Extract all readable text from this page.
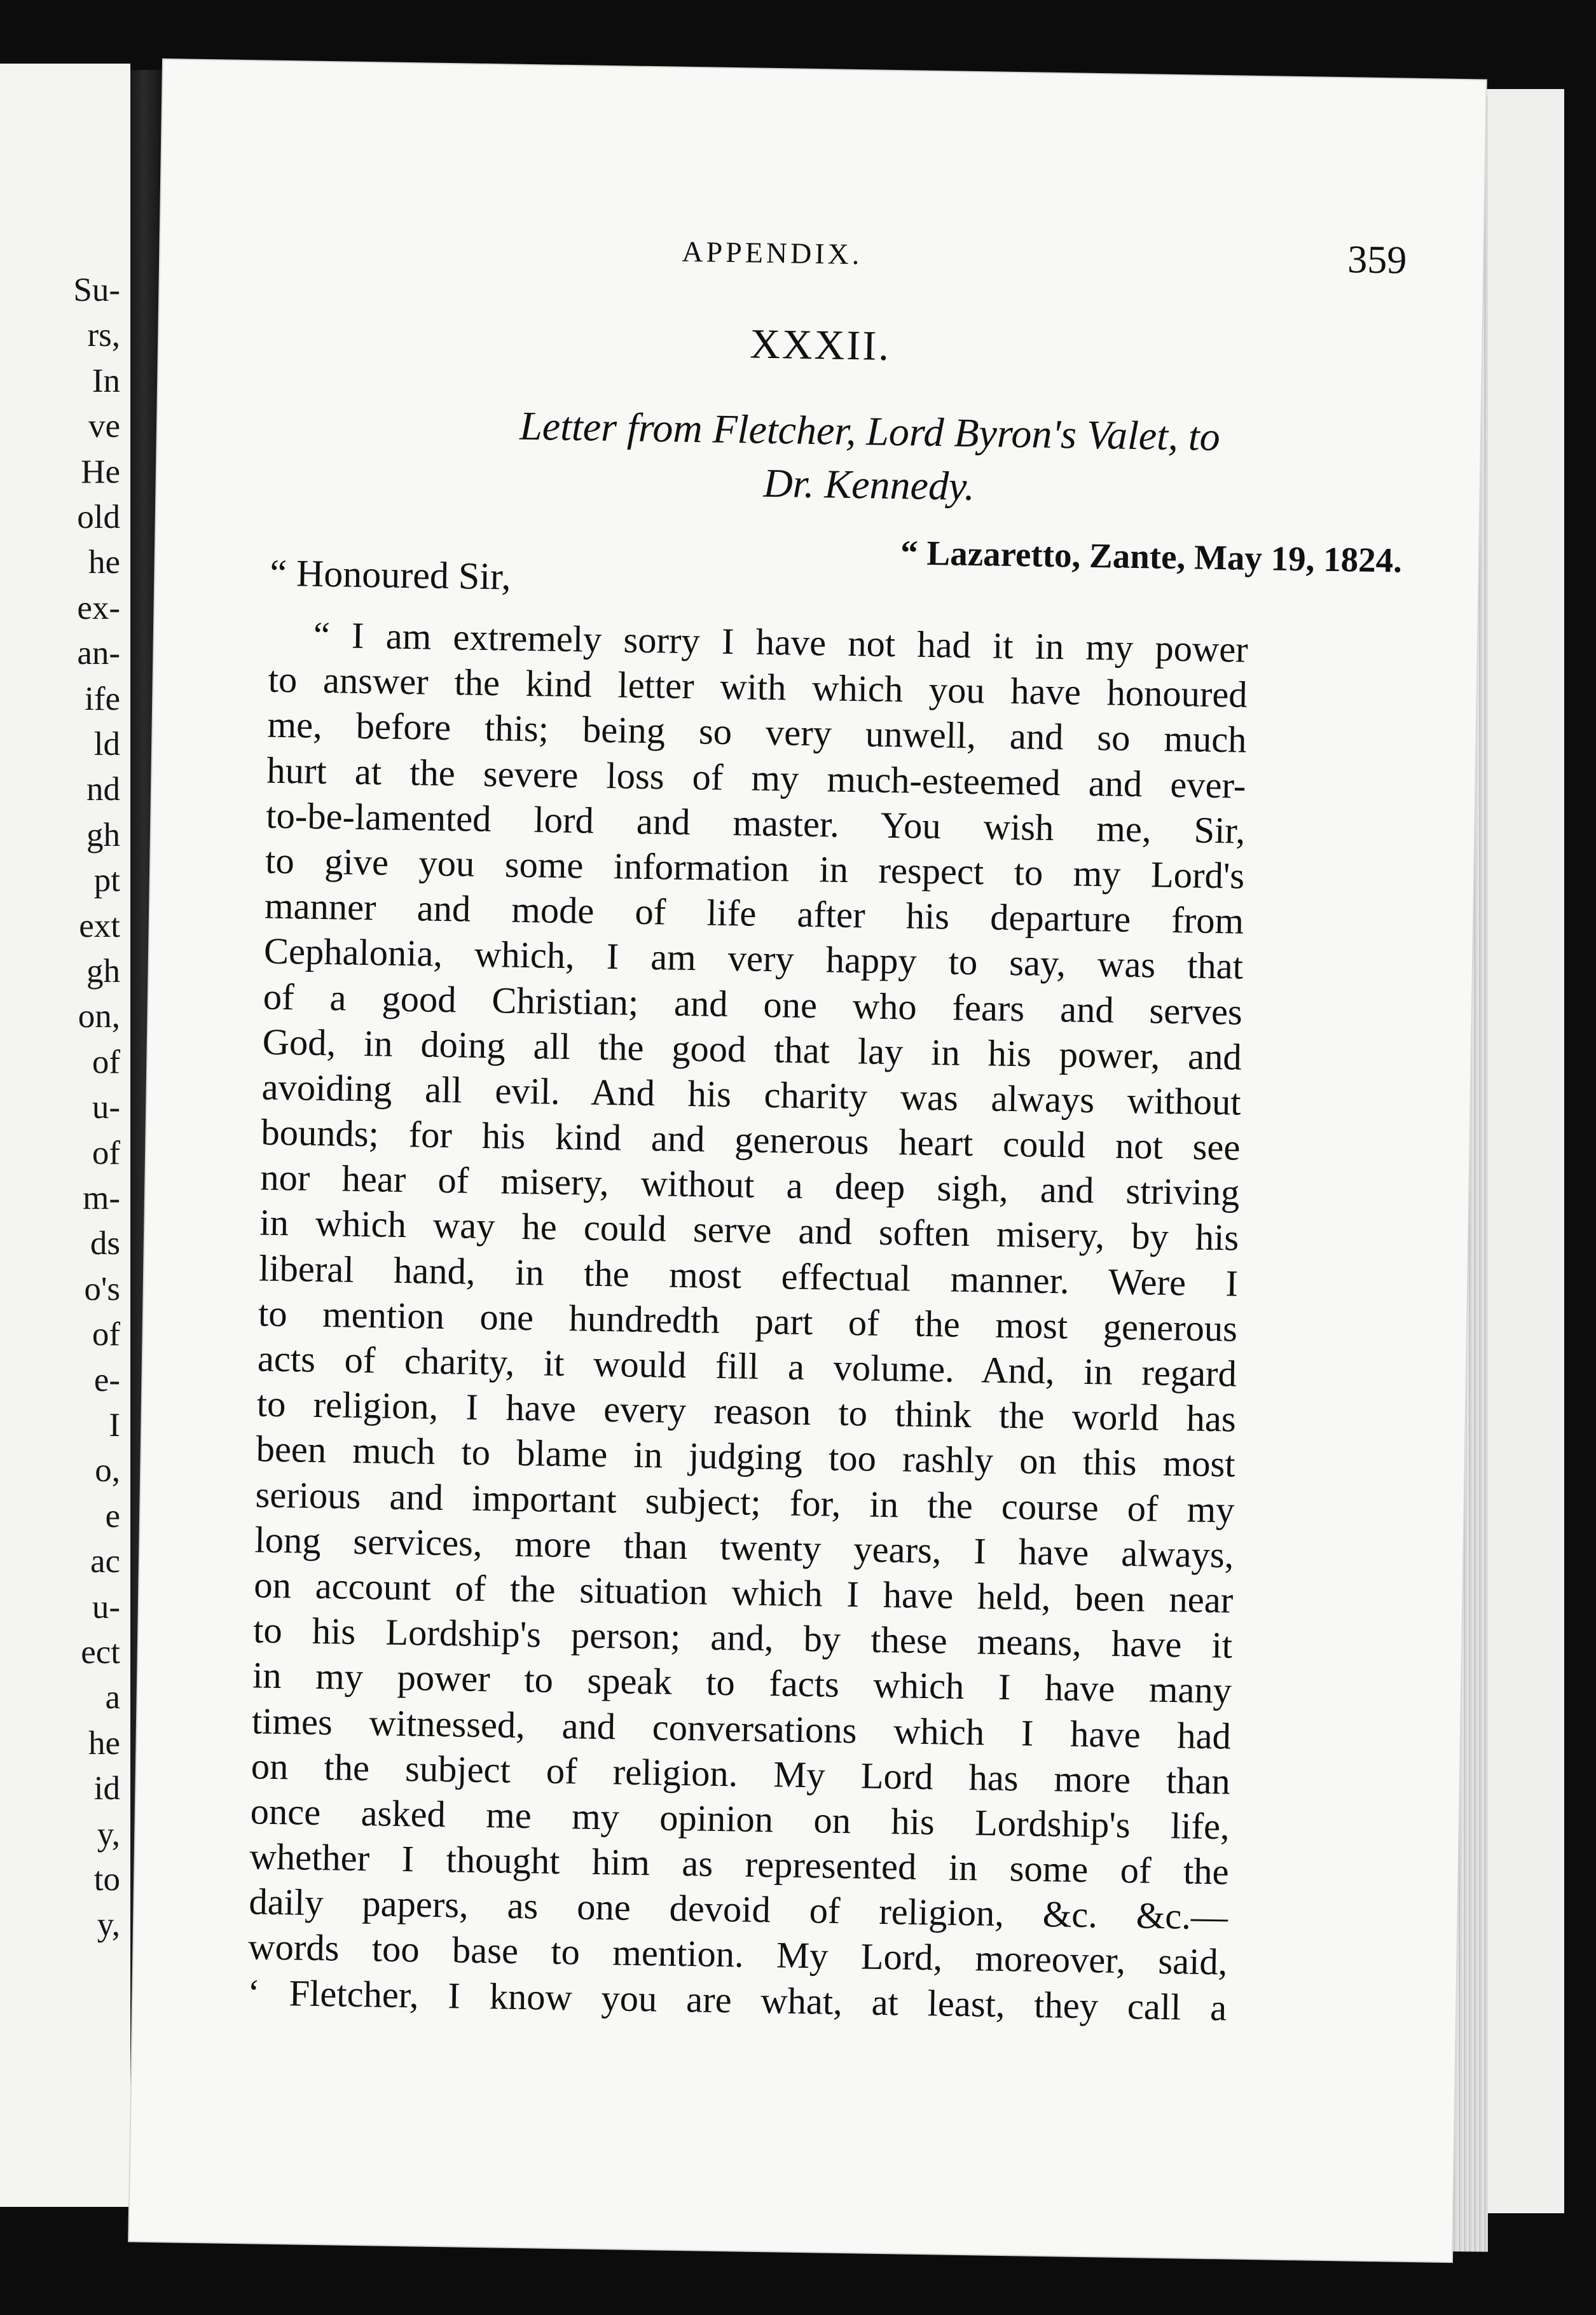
Su-
rs,
In
ve
He
old
he
ex-
an-
ife
ld
nd
gh
pt
ext
gh
on,
of
u-
of
m-
ds
o's
of
e-
I
o,
e
ac
u-
ect
a
he
id
y,
to
y,
APPENDIX.	359
XXXII.
Letter from Fletcher, Lord Byron's Valet, to
Dr. Kennedy.
“ Lazaretto, Zante, May 19, 1824.
“ Honoured Sir,
“ I am extremely sorry I have not had it in my power
to answer the kind letter with which you have honoured
me, before this; being so very unwell, and so much
hurt at the severe loss of my much-esteemed and ever-
to-be-lamented lord and master. You wish me, Sir,
to give you some information in respect to my Lord's
manner and mode of life after his departure from
Cephalonia, which, I am very happy to say, was that
of a good Christian; and one who fears and serves
God, in doing all the good that lay in his power, and
avoiding all evil. And his charity was always without
bounds; for his kind and generous heart could not see
nor hear of misery, without a deep sigh, and striving
in which way he could serve and soften misery, by his
liberal hand, in the most effectual manner. Were I
to mention one hundredth part of the most generous
acts of charity, it would fill a volume. And, in regard
to religion, I have every reason to think the world has
been much to blame in judging too rashly on this most
serious and important subject; for, in the course of my
long services, more than twenty years, I have always,
on account of the situation which I have held, been near
to his Lordship's person; and, by these means, have it
in my power to speak to facts which I have many
times witnessed, and conversations which I have had
on the subject of religion. My Lord has more than
once asked me my opinion on his Lordship's life,
whether I thought him as represented in some of the
daily papers, as one devoid of religion, &c. &c.—
words too base to mention. My Lord, moreover, said,
‘ Fletcher, I know you are what, at least, they call a
